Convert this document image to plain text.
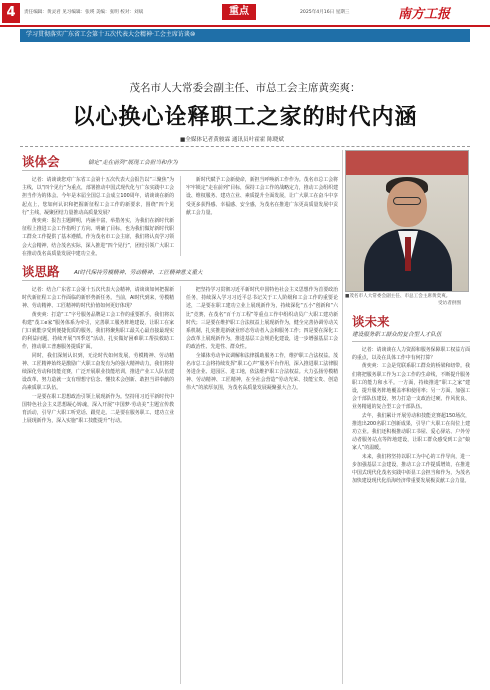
4	责任编辑：黄灵君 见习编辑：张瑛 美编：张明 校对：刘斌	重点	2025年4月16日 星期三	南方工报
学习贯彻落实广东省工会第十五次代表大会精神·工会主席访谈⑩
茂名市人大常委会副主任、市总工会主席黄奕爽：
以心换心诠释职工之家的时代内涵
■全媒体记者黄骏霖 通讯员叶霍霍 陈晓斌
谈体会	锚定“走在前列”展现工会担当和作为

记者：请谈谈您对广东省工会第十五次代表大会报告以“三聚焦”为主线，以“四个见行”为重点，部署推动中国式现代化与广东实践中工会担当作为的体会。今年是本届全国总工会成立100周年，请谈谈在新的起点上，您如何认识和把握新征程工会工作的新要求，围绕“四个见行”主线，凝聚团结力量推动高质量发展？

黄奕爽：报告主题鲜明，内涵丰富，举措务实，为我们在新时代新征程上推进工会工作指明了方向、明确了目标，也为我们做好新时代职工群众工作提供了基本遵循。作为茂名市工会主席，我们将认真学习领会大会精神，结合茂名实际，深入推进“四个见行”，团结引领广大职工在推动茂名高质量发展中建功立业。

新时代赋予工会新使命，新担当呼唤新工作作为。茂名市总工会将牢牢锁定“走在前列”目标，保持工会工作的战略定力，推动工会组织建设、维权服务、建功立业、素质提升全面发展，让广大职工在奋斗中享受更多获得感、幸福感、安全感，为茂名在推进广东更高质量发展中贡献工会力量。

■茂名市人大常委会副主任、市总工会主席黄奕爽。
受访者供图
谈思路	AI时代保持劳模精神、劳动精神、工匠精神意义重大

记者：结合广东省工会第十五次代表大会精神，请谈谈如何把握新时代新征程工会工作面临的新形势新任务。当前，AI时代到来，劳模精神、劳动精神、工匠精神的时代价值如何更好体现？

黄奕爽：打造“工”字号服务品牌是工会工作的重要抓手。我们将以构建“茂工e家”服务体系为牵引，完善职工服务阵地建设，让职工在家门口就能享受到便捷优质的服务。我们将聚焦职工最关心最直接最现实的利益问题，持续开展“四季送”活动，扎实做好困难职工帮扶救助工作，推动职工普惠服务提质扩面。

同时，我们深刻认识到，无论时代如何发展，劳模精神、劳动精神、工匠精神始终是激励广大职工奋发有为的强大精神动力。我们将持续深化劳动和技能竞赛，广泛开展职业技能培训，推进产业工人队伍建设改革，努力造就一支有理想守信念、懂技术会创新、敢担当讲奉献的高素质职工队伍。

一是要在职工思想政治引领上展现新作为。坚持用习近平新时代中国特色社会主义思想凝心铸魂，深入开展“中国梦·劳动美”主题宣传教育活动，引导广大职工听党话、跟党走。二是要在服务职工、建功立业上展现新作为，深入实施“职工技能提升”行动。

把坚持学习贯彻习近平新时代中国特色社会主义思想作为首要政治任务，持续深入学习习近平总书记关于工人阶级和工会工作的重要论述，二是要在职工建功立业上展现新作为，持续深化“五小”创新和“六比”竞赛，在茂名“百千万工程”等重点工作中组织动员广大职工建功新时代；三是要在维护职工合法权益上展现新作为，健全完善协调劳动关系机制，扎实推进新就业形态劳动者入会和服务工作；四是要在深化工会改革上展现新作为，推进基层工会规范化建设，进一步增强基层工会的政治性、先进性、群众性。

全媒体劳动争议调解和法律援助服务工作，维护职工合法权益。茂名市总工会将持续发挥“职工心声”服务平台作用，深入推进职工法律服务进企业、进园区、进工地，依法维护职工合法权益。大力弘扬劳模精神、劳动精神、工匠精神，在全社会营造“劳动光荣、技能宝贵、创造伟大”的浓厚氛围，为茂名高质量发展凝聚强大合力。

谈未来
建设服务职工群众的复合型人才队伍

记者：请谈谈在人力资源和服务保障职工权益方面的重点，以及在具体工作中有何打算？

黄奕爽：工会是党联系职工群众的桥梁和纽带。我们将把服务职工作为工会工作的生命线，不断提升服务职工的能力和水平。一方面，持续推进“职工之家”建设，提升服务阵地覆盖率和使用率；另一方面，加强工会干部队伍建设，努力打造一支政治过硬、作风优良、业务精通的复合型工会干部队伍。

去年，我们累计开展劳动和技能竞赛超150场次，推选出200名职工创新成果，引导广大职工在岗位上建功立业。我们还积极推动职工书屋、爱心驿站、户外劳动者服务站点等阵地建设，让职工群众感受到工会“娘家人”的温暖。

未来，我们将坚持以职工为中心的工作导向，进一步加强基层工会建设，推动工会工作提质增效，在推进中国式现代化茂名实践中彰显工会担当和作为，为茂名加快建设现代化沿海经济带重要发展极贡献工会力量。
